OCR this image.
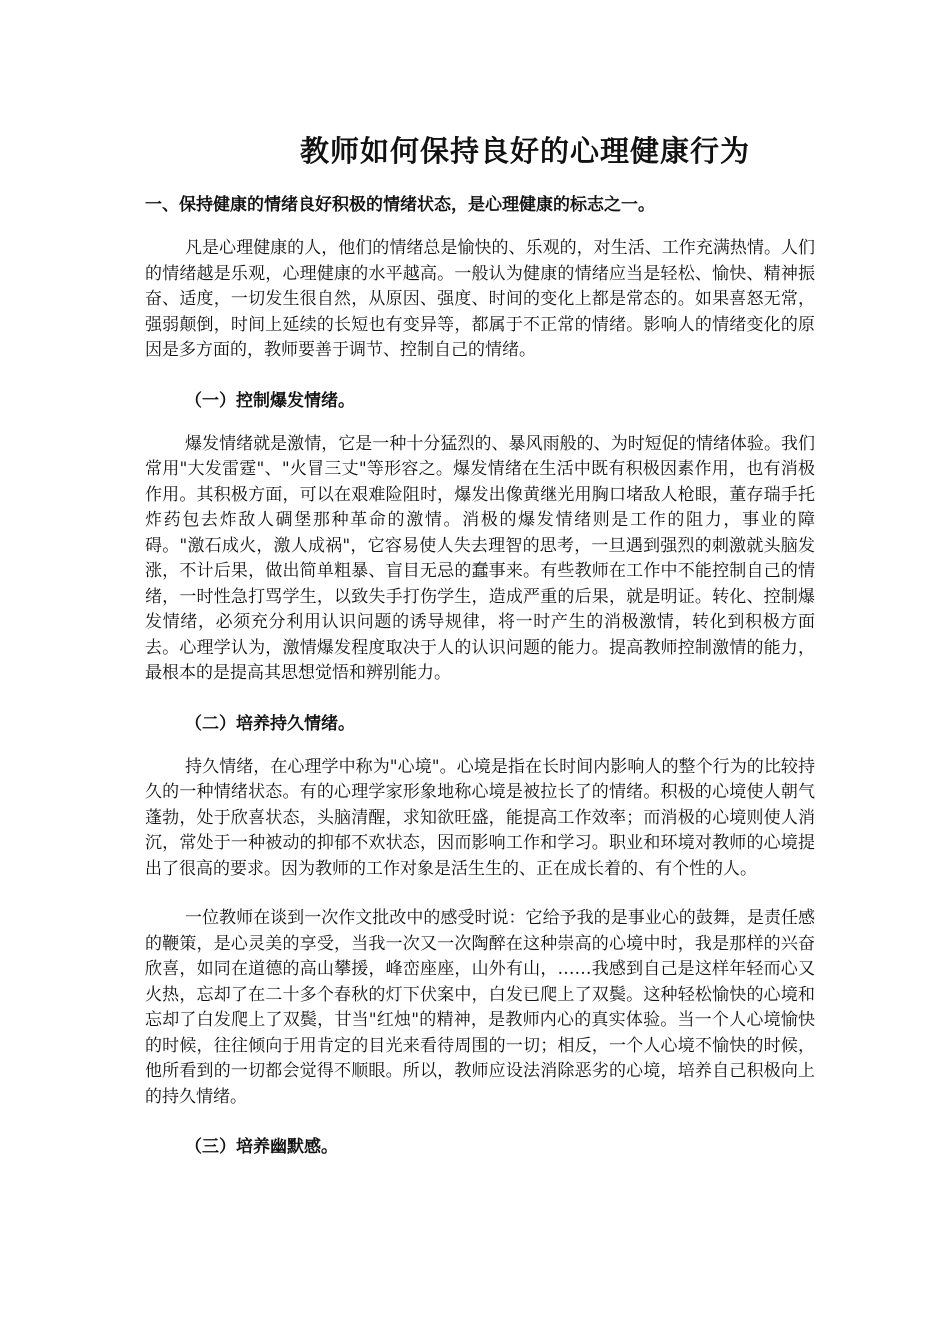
教师如何保持良好的心理健康行为

一、保持健康的情绪良好积极的情绪状态，是心理健康的标志之一。

凡是心理健康的人，他们的情绪总是愉快的、乐观的，对生活、工作充满热情。人们的情绪越是乐观，心理健康的水平越高。一般认为健康的情绪应当是轻松、愉快、精神振奋、适度，一切发生很自然，从原因、强度、时间的变化上都是常态的。如果喜怒无常，强弱颠倒，时间上延续的长短也有变异等，都属于不正常的情绪。影响人的情绪变化的原因是多方面的，教师要善于调节、控制自己的情绪。

（一）控制爆发情绪。

爆发情绪就是激情，它是一种十分猛烈的、暴风雨般的、为时短促的情绪体验。我们常用"大发雷霆"、"火冒三丈"等形容之。爆发情绪在生活中既有积极因素作用，也有消极作用。其积极方面，可以在艰难险阻时，爆发出像黄继光用胸口堵敌人枪眼，董存瑞手托炸药包去炸敌人碉堡那种革命的激情。消极的爆发情绪则是工作的阻力，事业的障碍。"激石成火，激人成祸"，它容易使人失去理智的思考，一旦遇到强烈的刺激就头脑发涨，不计后果，做出简单粗暴、盲目无忌的蠢事来。有些教师在工作中不能控制自己的情绪，一时性急打骂学生，以致失手打伤学生，造成严重的后果，就是明证。转化、控制爆发情绪，必须充分利用认识问题的诱导规律，将一时产生的消极激情，转化到积极方面去。心理学认为，激情爆发程度取决于人的认识问题的能力。提高教师控制激情的能力，最根本的是提高其思想觉悟和辨别能力。

（二）培养持久情绪。

持久情绪，在心理学中称为"心境"。心境是指在长时间内影响人的整个行为的比较持久的一种情绪状态。有的心理学家形象地称心境是被拉长了的情绪。积极的心境使人朝气蓬勃，处于欣喜状态，头脑清醒，求知欲旺盛，能提高工作效率；而消极的心境则使人消沉，常处于一种被动的抑郁不欢状态，因而影响工作和学习。职业和环境对教师的心境提出了很高的要求。因为教师的工作对象是活生生的、正在成长着的、有个性的人。

一位教师在谈到一次作文批改中的感受时说：它给予我的是事业心的鼓舞，是责任感的鞭策，是心灵美的享受，当我一次又一次陶醉在这种崇高的心境中时，我是那样的兴奋欣喜，如同在道德的高山攀援，峰峦座座，山外有山，……我感到自己是这样年轻而心又火热，忘却了在二十多个春秋的灯下伏案中，白发已爬上了双鬓。这种轻松愉快的心境和忘却了白发爬上了双鬓，甘当"红烛"的精神，是教师内心的真实体验。当一个人心境愉快的时候，往往倾向于用肯定的目光来看待周围的一切；相反，一个人心境不愉快的时候，他所看到的一切都会觉得不顺眼。所以，教师应设法消除恶劣的心境，培养自己积极向上的持久情绪。

（三）培养幽默感。
